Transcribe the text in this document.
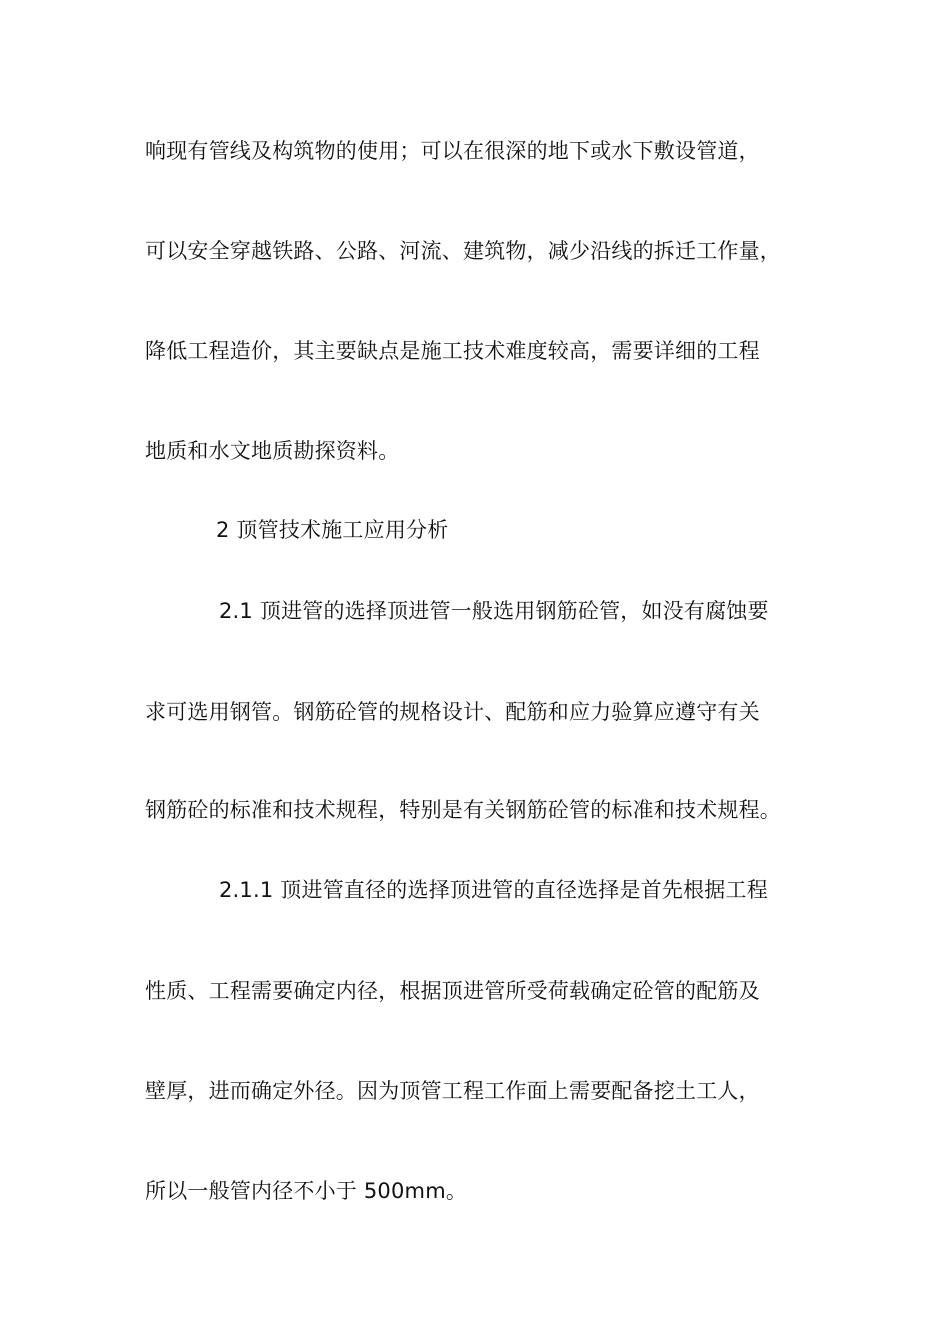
响现有管线及构筑物的使用；可以在很深的地下或水下敷设管道，
可以安全穿越铁路、公路、河流、建筑物，减少沿线的拆迁工作量，
降低工程造价，其主要缺点是施工技术难度较高，需要详细的工程
地质和水文地质勘探资料。
2 顶管技术施工应用分析
2.1 顶进管的选择顶进管一般选用钢筋砼管，如没有腐蚀要
求可选用钢管。钢筋砼管的规格设计、配筋和应力验算应遵守有关
钢筋砼的标准和技术规程，特别是有关钢筋砼管的标准和技术规程。
2.1.1 顶进管直径的选择顶进管的直径选择是首先根据工程
性质、工程需要确定内径，根据顶进管所受荷载确定砼管的配筋及
壁厚，进而确定外径。因为顶管工程工作面上需要配备挖土工人，
所以一般管内径不小于 500mm。
